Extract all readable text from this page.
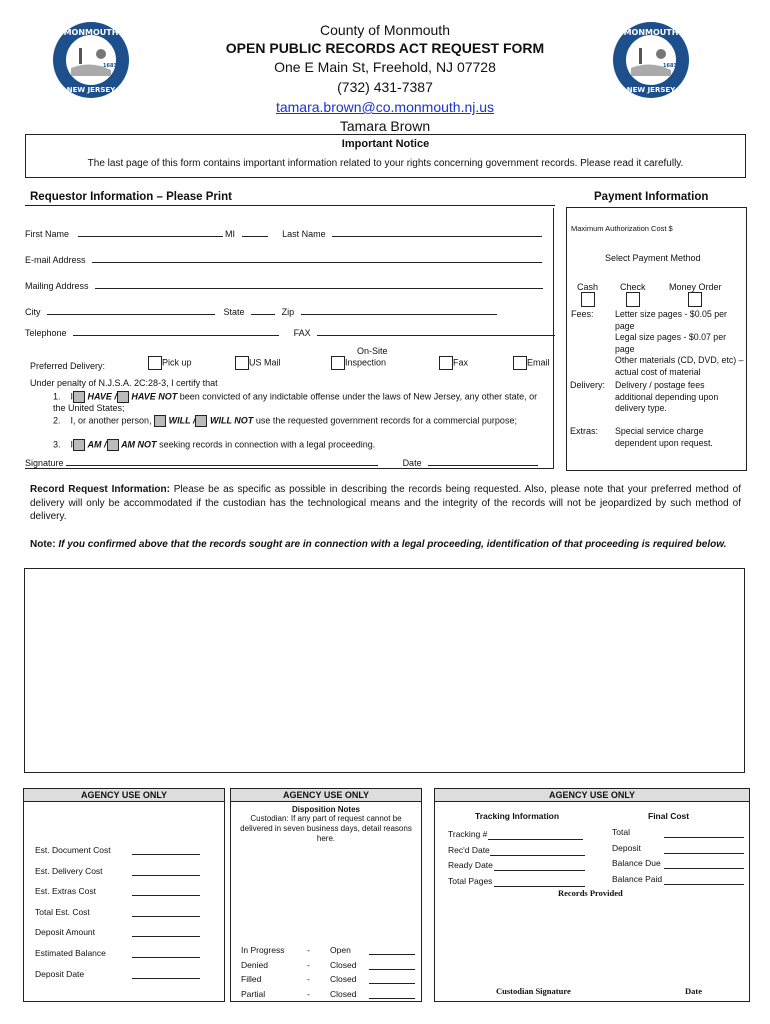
MONMOUTH
NEW JERSEY
1683
MONMOUTH
NEW JERSEY
1683
County of Monmouth
OPEN PUBLIC RECORDS ACT REQUEST FORM
One E Main St, Freehold, NJ 07728
(732) 431-7387
tamara.brown@co.monmouth.nj.us
Tamara Brown
Important Notice
The last page of this form contains important information related to your rights concerning government records. Please read it carefully.
Requestor Information – Please Print
First Name	MI	Last Name
E-mail Address
Mailing Address
City	State	Zip
Telephone	FAX
Preferred Delivery:	Pick up	US Mail
On-Site
Inspection	Fax	Email
Under penalty of N.J.S.A. 2C:28-3, I certify that
1.    I HAVE / HAVE NOT been convicted of any indictable offense under the laws of New Jersey, any other state, or the United States;
2.    I, or another person, WILL / WILL NOT use the requested government records for a commercial purpose;
3.    I AM / AM NOT seeking records in connection with a legal proceeding.
Signature	Date
Payment Information
Maximum Authorization Cost $
Select Payment Method
Cash Check	Money Order
Fees: Letter size pages - $0.05 per page
Legal size pages - $0.07 per page
Other materials (CD, DVD, etc) – actual cost of material
Delivery: Delivery / postage fees additional depending upon delivery type.
Extras: Special service charge dependent upon request.
Record Request Information: Please be as specific as possible in describing the records being requested. Also, please note that your preferred method of delivery will only be accommodated if the custodian has the technological means and the integrity of the records will not be jeopardized by such method of delivery.
Note: If you confirmed above that the records sought are in connection with a legal proceeding, identification of that proceeding is required below.
AGENCY USE ONLY
Est. Document Cost
Est. Delivery Cost
Est. Extras Cost
Total Est. Cost
Deposit Amount
Estimated Balance
Deposit Date
AGENCY USE ONLY
Disposition Notes
Custodian: If any part of request cannot be delivered in seven business days, detail reasons here.
In Progress	- Open
Denied	- Closed
Filled	- Closed
Partial	- Closed
AGENCY USE ONLY
Tracking Information	Final Cost
Tracking #
Rec'd Date
Ready Date
Total Pages
Total
Deposit
Balance Due
Balance Paid
Records Provided
Custodian Signature	Date
